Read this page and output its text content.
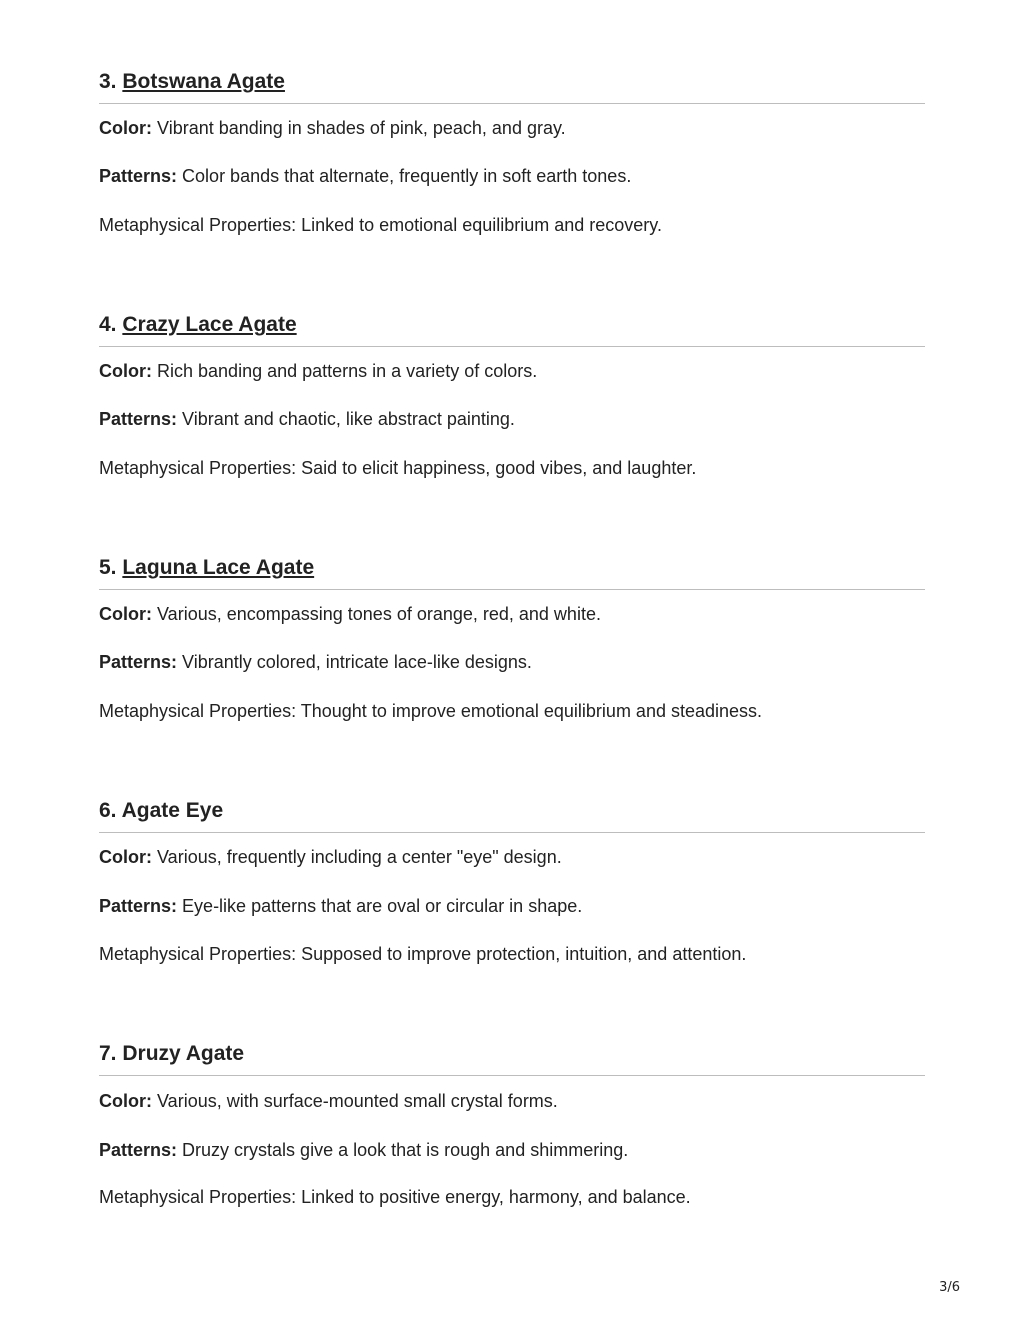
3. Botswana Agate
Color: Vibrant banding in shades of pink, peach, and gray.
Patterns: Color bands that alternate, frequently in soft earth tones.
Metaphysical Properties: Linked to emotional equilibrium and recovery.
4. Crazy Lace Agate
Color: Rich banding and patterns in a variety of colors.
Patterns: Vibrant and chaotic, like abstract painting.
Metaphysical Properties: Said to elicit happiness, good vibes, and laughter.
5. Laguna Lace Agate
Color: Various, encompassing tones of orange, red, and white.
Patterns: Vibrantly colored, intricate lace-like designs.
Metaphysical Properties: Thought to improve emotional equilibrium and steadiness.
6. Agate Eye
Color: Various, frequently including a center "eye" design.
Patterns: Eye-like patterns that are oval or circular in shape.
Metaphysical Properties: Supposed to improve protection, intuition, and attention.
7. Druzy Agate
Color: Various, with surface-mounted small crystal forms.
Patterns: Druzy crystals give a look that is rough and shimmering.
Metaphysical Properties: Linked to positive energy, harmony, and balance.
3/6
